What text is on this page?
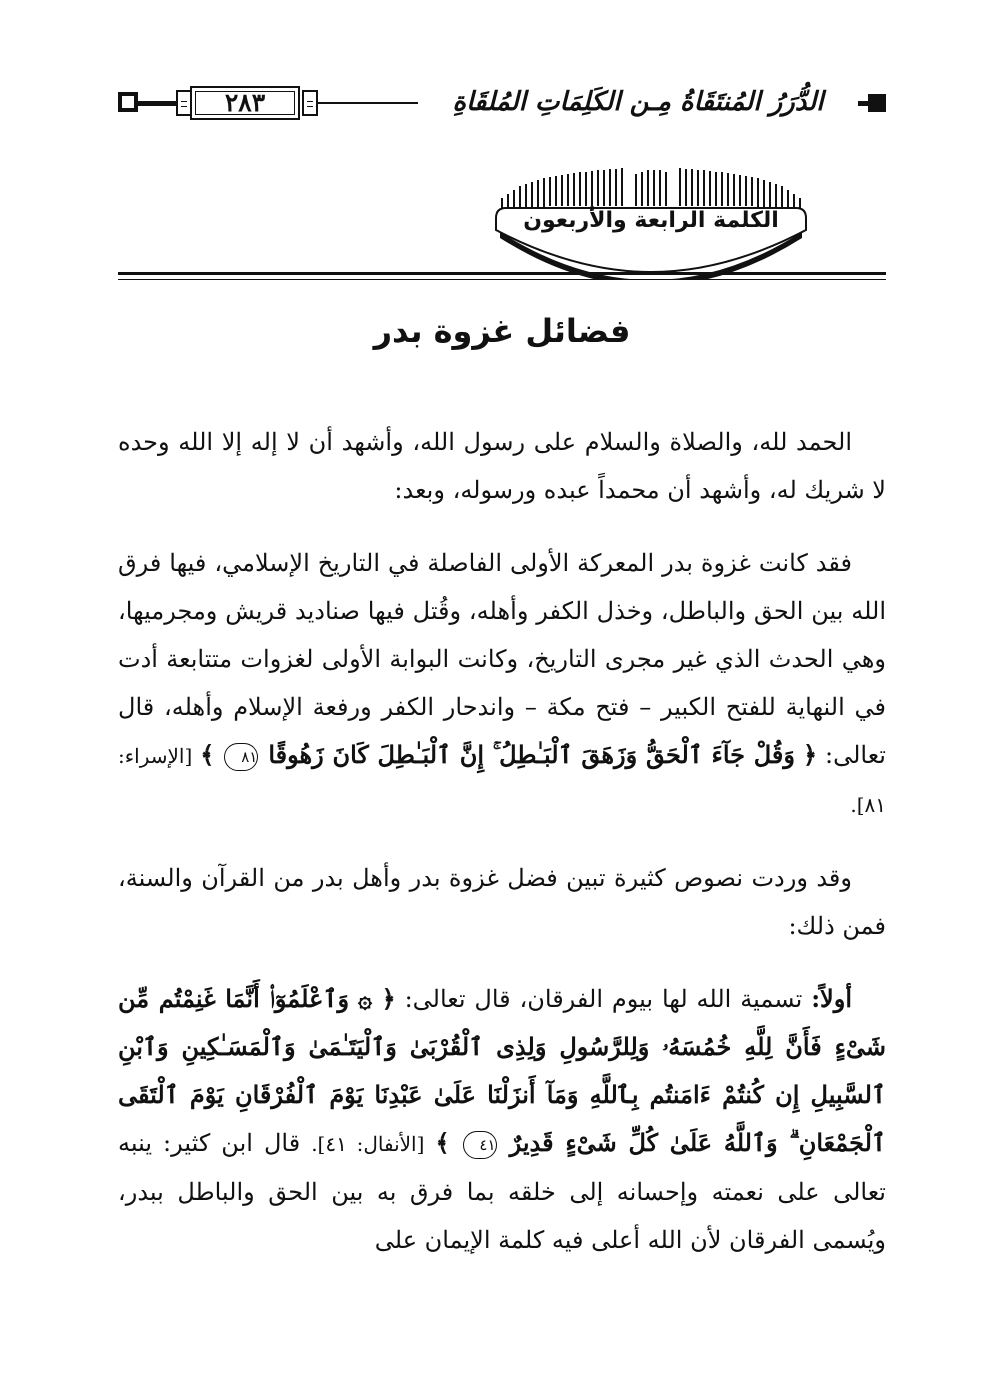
٢٨٣	الدُّرَرُ المُنتَقَاةُ مِـن الكَلِمَاتِ المُلقَاةِ
الكلمة الرابعة والأربعون
فضائل غزوة بدر

الحمد لله، والصلاة والسلام على رسول الله، وأشهد أن لا إله إلا الله وحده لا شريك له، وأشهد أن محمداً عبده ورسوله، وبعد:

فقد كانت غزوة بدر المعركة الأولى الفاصلة في التاريخ الإسلامي، فيها فرق الله بين الحق والباطل، وخذل الكفر وأهله، وقُتل فيها صناديد قريش ومجرميها، وهي الحدث الذي غير مجرى التاريخ، وكانت البوابة الأولى لغزوات متتابعة أدت في النهاية للفتح الكبير – فتح مكة – واندحار الكفر ورفعة الإسلام وأهله، قال تعالى: ﴿ وَقُلْ جَآءَ ٱلْحَقُّ وَزَهَقَ ٱلْبَـٰطِلُ ۚ إِنَّ ٱلْبَـٰطِلَ كَانَ زَهُوقًا ٨١ ﴾ [الإسراء: ٨١].

وقد وردت نصوص كثيرة تبين فضل غزوة بدر وأهل بدر من القرآن والسنة، فمن ذلك:

أولاً: تسمية الله لها بيوم الفرقان، قال تعالى: ﴿ ۞ وَٱعْلَمُوٓا۟ أَنَّمَا غَنِمْتُم مِّن شَىْءٍ فَأَنَّ لِلَّهِ خُمُسَهُۥ وَلِلرَّسُولِ وَلِذِى ٱلْقُرْبَىٰ وَٱلْيَتَـٰمَىٰ وَٱلْمَسَـٰكِينِ وَٱبْنِ ٱلسَّبِيلِ إِن كُنتُمْ ءَامَنتُم بِٱللَّهِ وَمَآ أَنزَلْنَا عَلَىٰ عَبْدِنَا يَوْمَ ٱلْفُرْقَانِ يَوْمَ ٱلْتَقَى ٱلْجَمْعَانِ ۗ وَٱللَّهُ عَلَىٰ كُلِّ شَىْءٍ قَدِيرٌ ٤١ ﴾ [الأنفال: ٤١]. قال ابن كثير: ينبه تعالى على نعمته وإحسانه إلى خلقه بما فرق به بين الحق والباطل ببدر، ويُسمى الفرقان لأن الله أعلى فيه كلمة الإيمان على
